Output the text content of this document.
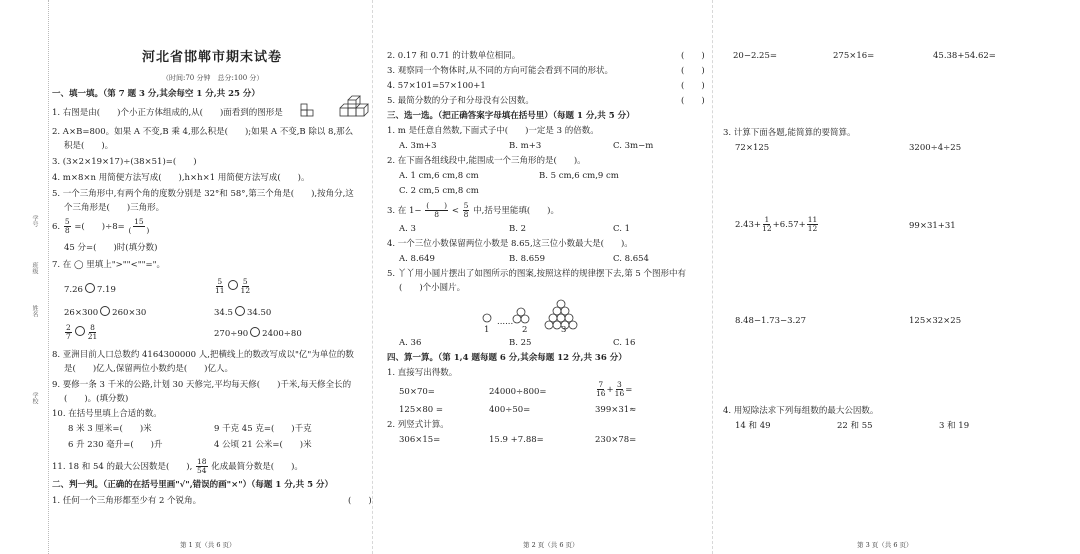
学号
班级
姓名
学校
河北省邯郸市期末试卷
（时间:70 分钟　总分:100 分）
一、填一填。（第 7 题 3 分,其余每空 1 分,共 25 分）
1. 右图是由(　　)个小正方体组成的,从(　　)面看到的图形是
2. A×B=800。如果 A 不变,B 乘 4,那么积是(　　);如果 A 不变,B 除以 8,那么
积是(　　)。
3. (3×2×19×17)÷(38×51)=(　　)
4. m×8×n 用简便方法写成(　　),h×h×1 用简便方法写成(　　)。
5. 一个三角形中,有两个角的度数分别是 32°和 58°,第三个角是(　　),按角分,这
个三角形是(　　)三角形。
6. $\frac{5}{8}$ =(　　)$\div 8= \frac{15}{( )}$
45 分=(　　)时(填分数)
7. 在 ◯ 里填上">""<""="。
7.26 7.19	$\frac{5}{11} \frac{5}{12}$
26×300 260×30	34.5 34.50
$\frac{2}{7} \frac{8}{21}$	270÷90 2400÷80
8. 亚洲目前人口总数约 4164300000 人,把横线上的数改写成以"亿"为单位的数
是(　　)亿人,保留两位小数约是(　　)亿人。
9. 要修一条 3 千米的公路,计划 30 天修完,平均每天修(　　)千米,每天修全长的
(　　)。(填分数)
10. 在括号里填上合适的数。
8 米 3 厘米=(　　)米	9 千克 45 克=(　　)千克
6 升 230 毫升=(　　)升	4 公顷 21 公米=(　　)米
11. 18 和 54 的最大公因数是(　　), $\frac{18}{54}$ 化成最简分数是(　　)。
二、判一判。（正确的在括号里画"√",错误的画"×"）（每题 1 分,共 5 分）
1. 任何一个三角形都至少有 2 个锐角。	(　　)
第 1 页（共 6 页）
2. 0.17 和 0.71 的计数单位相同。	(　　)
3. 观察同一个物体时,从不同的方向可能会看到不同的形状。	(　　)
4. 57×101=57×100+1	(　　)
5. 最简分数的分子和分母没有公因数。	(　　)
三、选一选。（把正确答案字母填在括号里）（每题 1 分,共 5 分）
1. m 是任意自然数,下面式子中(　　)一定是 3 的倍数。
A. 3m+3	B. m+3	C. 3m−m
2. 在下面各组线段中,能围成一个三角形的是(　　)。
A. 1 cm,6 cm,8 cm	B. 5 cm,6 cm,9 cm
C. 2 cm,5 cm,8 cm
3. 在 $1- \frac{( )}{8} < \frac{5}{8}$ 中,括号里能填(　　)。
A. 3	B. 2	C. 1
4. 一个三位小数保留两位小数是 8.65,这三位小数最大是(　　)。
A. 8.649	B. 8.659	C. 8.654
5. 丫丫用小圆片摆出了如图所示的图案,按照这样的规律摆下去,第 5 个图形中有
(　　)个小圆片。
......
1	2	3
A. 36	B. 25	C. 16
四、算一算。（第 1,4 题每题 6 分,其余每题 12 分,共 36 分）
1. 直接写出得数。
50×70=	24000÷800=	$\frac{7}{16} + \frac{3}{16}$ =
125×80 =	400÷50=	399×31≈
2. 列竖式计算。
306×15=	15.9 +7.88=	230×78=
第 2 页（共 6 页）
20−2.25=	275×16=	45.38+54.62=
3. 计算下面各题,能简算的要简算。
72×125	3200÷4÷25
$2.43+ \frac{1}{12} +6.57+ \frac{11}{12}$	99×31+31
8.48−1.73−3.27	125×32×25
4. 用短除法求下列每组数的最大公因数。
14 和 49	22 和 55	3 和 19
第 3 页（共 6 页）
